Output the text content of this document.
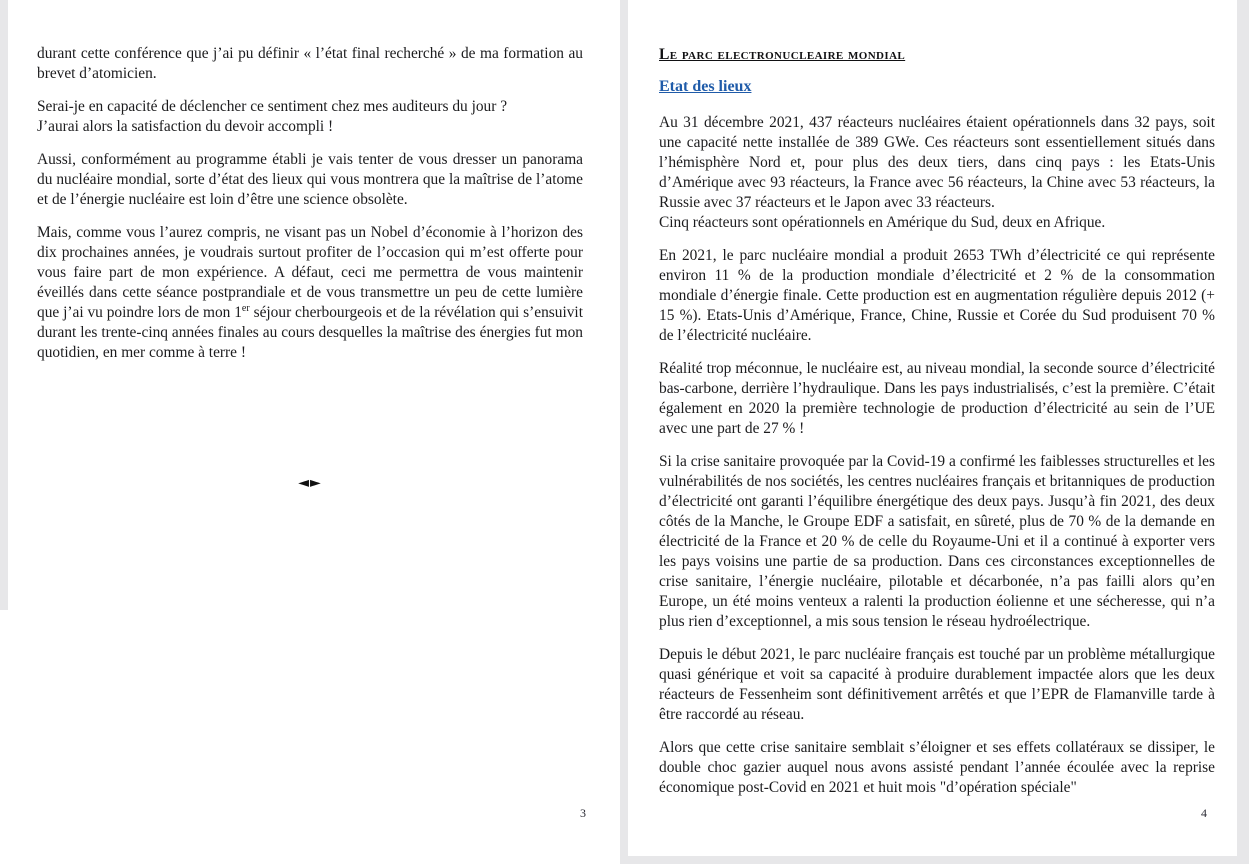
durant cette conférence que j’ai pu définir « l’état final recherché » de ma formation au brevet d’atomicien.

Serai-je en capacité de déclencher ce sentiment chez mes auditeurs du jour ?
J’aurai alors la satisfaction du devoir accompli !

Aussi, conformément au programme établi je vais tenter de vous dresser un panorama du nucléaire mondial, sorte d’état des lieux qui vous montrera que la maîtrise de l’atome et de l’énergie nucléaire est loin d’être une science obsolète.

Mais, comme vous l’aurez compris, ne visant pas un Nobel d’économie à l’horizon des dix prochaines années, je voudrais surtout profiter de l’occasion qui m’est offerte pour vous faire part de mon expérience. A défaut, ceci me permettra de vous maintenir éveillés dans cette séance postprandiale et de vous transmettre un peu de cette lumière que j’ai vu poindre lors de mon 1er séjour cherbourgeois et de la révélation qui s’ensuivit durant les trente-cinq années finales au cours desquelles la maîtrise des énergies fut mon quotidien, en mer comme à terre !

◄►
3
Le parc electronucleaire mondial
Etat des lieux

Au 31 décembre 2021, 437 réacteurs nucléaires étaient opérationnels dans 32 pays, soit une capacité nette installée de 389 GWe. Ces réacteurs sont essentiellement situés dans l’hémisphère Nord et, pour plus des deux tiers, dans cinq pays : les Etats-Unis d’Amérique avec 93 réacteurs, la France avec 56 réacteurs, la Chine avec 53 réacteurs, la Russie avec 37 réacteurs et le Japon avec 33 réacteurs.

Cinq réacteurs sont opérationnels en Amérique du Sud, deux en Afrique.

En 2021, le parc nucléaire mondial a produit 2653 TWh d’électricité ce qui représente environ 11 % de la production mondiale d’électricité et 2 % de la consommation mondiale d’énergie finale. Cette production est en augmentation régulière depuis 2012 (+ 15 %). Etats-Unis d’Amérique, France, Chine, Russie et Corée du Sud produisent 70 % de l’électricité nucléaire.

Réalité trop méconnue, le nucléaire est, au niveau mondial, la seconde source d’électricité bas-carbone, derrière l’hydraulique. Dans les pays industrialisés, c’est la première. C’était également en 2020 la première technologie de production d’électricité au sein de l’UE avec une part de 27 % !

Si la crise sanitaire provoquée par la Covid-19 a confirmé les faiblesses structurelles et les vulnérabilités de nos sociétés, les centres nucléaires français et britanniques de production d’électricité ont garanti l’équilibre énergétique des deux pays. Jusqu’à fin 2021, des deux côtés de la Manche, le Groupe EDF a satisfait, en sûreté, plus de 70 % de la demande en électricité de la France et 20 % de celle du Royaume-Uni et il a continué à exporter vers les pays voisins une partie de sa production. Dans ces circonstances exceptionnelles de crise sanitaire, l’énergie nucléaire, pilotable et décarbonée, n’a pas failli alors qu’en Europe, un été moins venteux a ralenti la production éolienne et une sécheresse, qui n’a plus rien d’exceptionnel, a mis sous tension le réseau hydroélectrique.

Depuis le début 2021, le parc nucléaire français est touché par un problème métallurgique quasi générique et voit sa capacité à produire durablement impactée alors que les deux réacteurs de Fessenheim sont définitivement arrêtés et que l’EPR de Flamanville tarde à être raccordé au réseau.

Alors que cette crise sanitaire semblait s’éloigner et ses effets collatéraux se dissiper, le double choc gazier auquel nous avons assisté pendant l’année écoulée avec la reprise économique post-Covid en 2021 et huit mois "d’opération spéciale"

4
